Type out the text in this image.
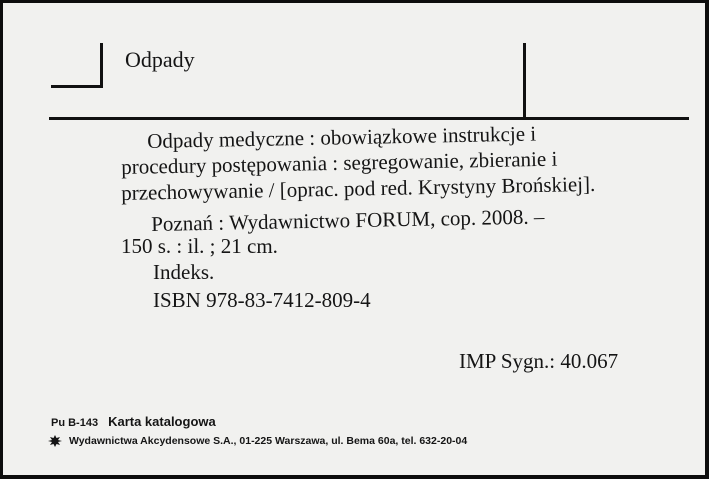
Odpady
Odpady medyczne : obowiązkowe instrukcje i
procedury postępowania : segregowanie, zbieranie i
przechowywanie / [oprac. pod red. Krystyny Brońskiej].
Poznań : Wydawnictwo FORUM, cop. 2008. –
150 s. : il. ; 21 cm.
Indeks.
ISBN 978-83-7412-809-4
IMP Sygn.: 40.067
Pu B-143 Karta katalogowa
Wydawnictwa Akcydensowe S.A., 01-225 Warszawa, ul. Bema 60a, tel. 632-20-04
